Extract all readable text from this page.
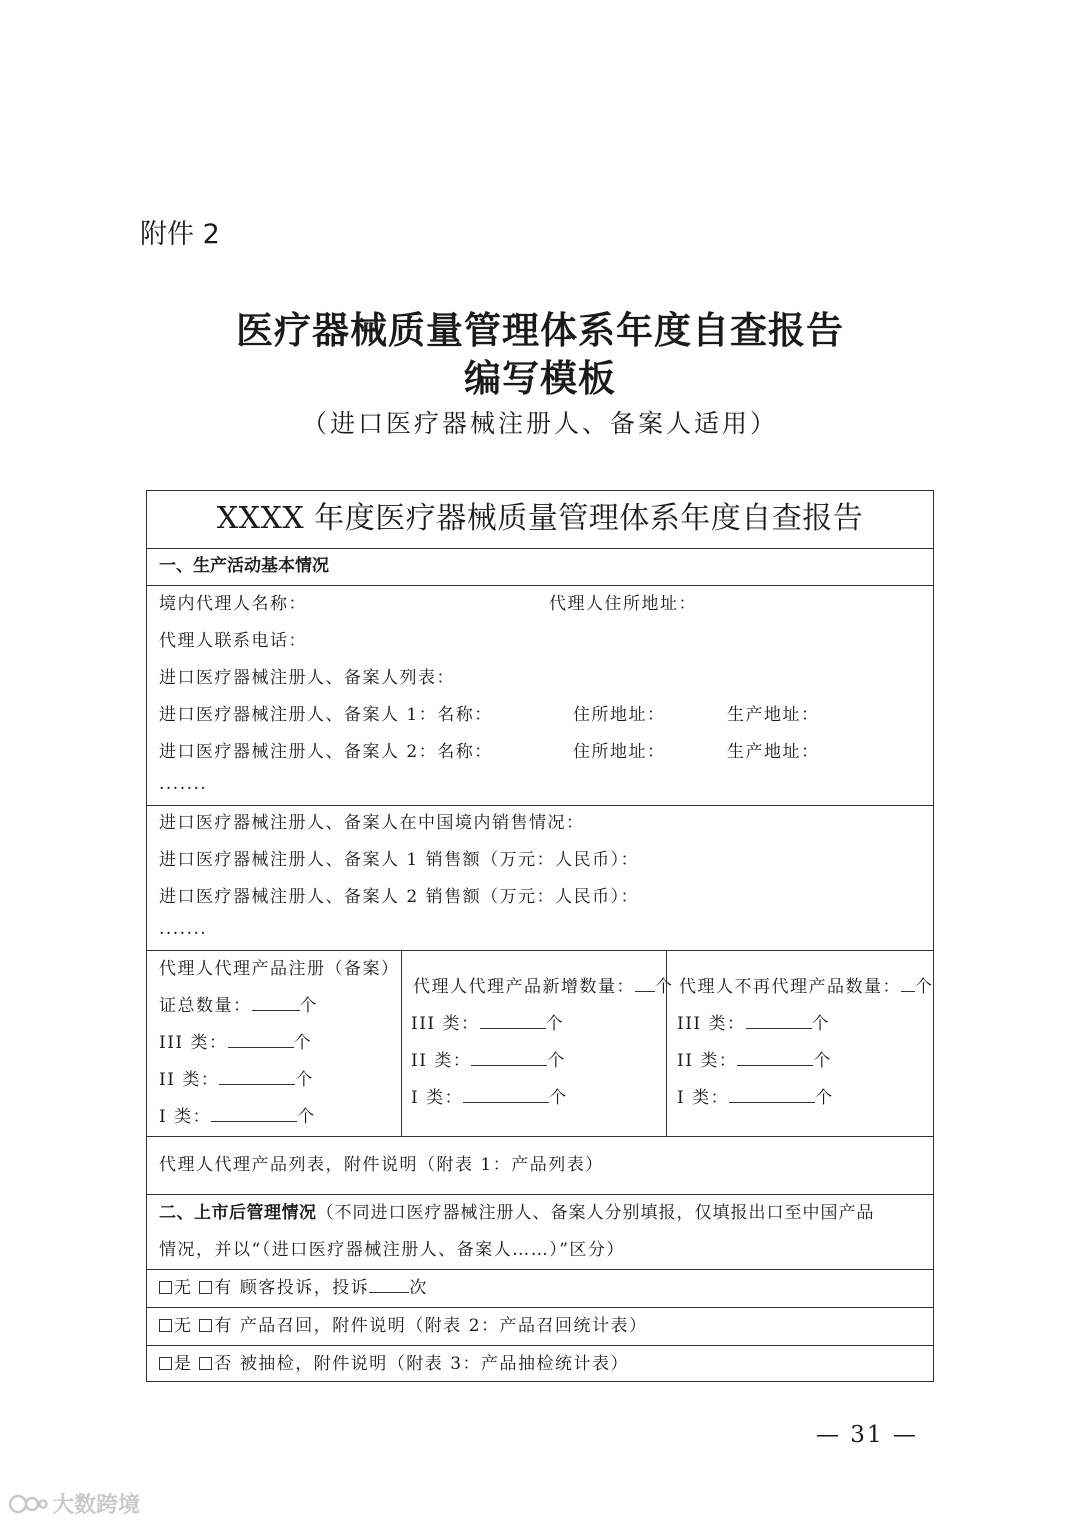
附件 2
医疗器械质量管理体系年度自查报告
编写模板
（进口医疗器械注册人、备案人适用）
XXXX 年度医疗器械质量管理体系年度自查报告
一、生产活动基本情况
境内代理人名称：	代理人住所地址：
代理人联系电话：
进口医疗器械注册人、备案人列表：
进口医疗器械注册人、备案人 1：名称：	住所地址：	生产地址：
进口医疗器械注册人、备案人 2：名称：	住所地址：	生产地址：
.......
进口医疗器械注册人、备案人在中国境内销售情况：
进口医疗器械注册人、备案人 1 销售额（万元：人民币）：
进口医疗器械注册人、备案人 2 销售额（万元：人民币）：
.......
代理人代理产品注册（备案）
证总数量：	个
III 类：	个
II 类：	个
I 类：	个
代理人代理产品新增数量： 个
III 类：	个
II 类：	个
I 类：	个
代理人不再代理产品数量： 个
III 类：	个
II 类：	个
I 类：	个
代理人代理产品列表，附件说明（附表 1：产品列表）
二、上市后管理情况（不同进口医疗器械注册人、备案人分别填报，仅填报出口至中国产品
情况，并以“（进口医疗器械注册人、备案人……）”区分）
无 有 顾客投诉，投诉 次
无 有 产品召回，附件说明（附表 2：产品召回统计表）
是 否 被抽检，附件说明（附表 3：产品抽检统计表）
— 31 —
大数跨境
